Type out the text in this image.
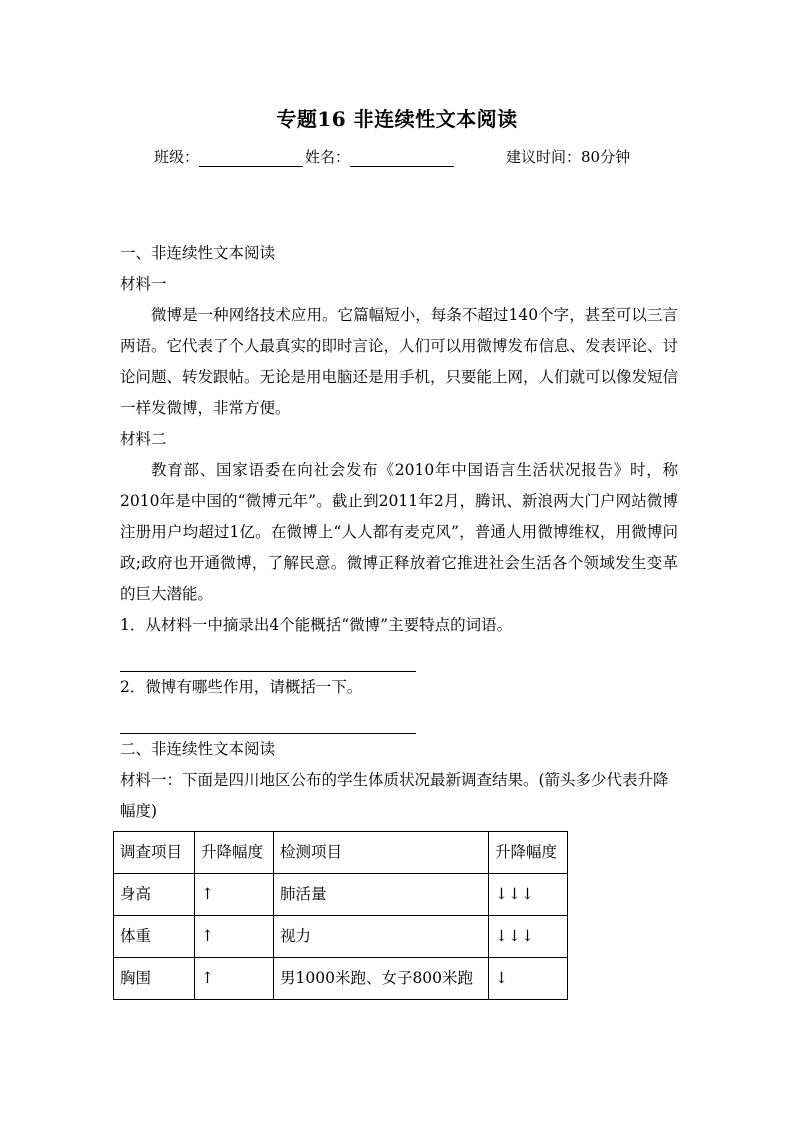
专题16 非连续性文本阅读
班级：	姓名：	建议时间：80分钟

一、非连续性文本阅读

材料一

微博是一种网络技术应用。它篇幅短小，每条不超过140个字，甚至可以三言两语。它代表了个人最真实的即时言论，人们可以用微博发布信息、发表评论、讨论问题、转发跟帖。无论是用电脑还是用手机，只要能上网，人们就可以像发短信一样发微博，非常方便。

材料二

教育部、国家语委在向社会发布《2010年中国语言生活状况报告》时，称2010年是中国的“微博元年”。截止到2011年2月，腾讯、新浪两大门户网站微博注册用户均超过1亿。在微博上“人人都有麦克风”，普通人用微博维权，用微博问政;政府也开通微博，了解民意。微博正释放着它推进社会生活各个领域发生变革的巨大潜能。

1．从材料一中摘录出4个能概括“微博”主要特点的词语。

2．微博有哪些作用，请概括一下。

二、非连续性文本阅读

材料一：下面是四川地区公布的学生体质状况最新调查结果。(箭头多少代表升降幅度)

调查项目	升降幅度	检测项目	升降幅度
身高	↑	肺活量	↓↓↓
体重	↑	视力	↓↓↓
胸围	↑	男1000米跑、女子800米跑	↓
